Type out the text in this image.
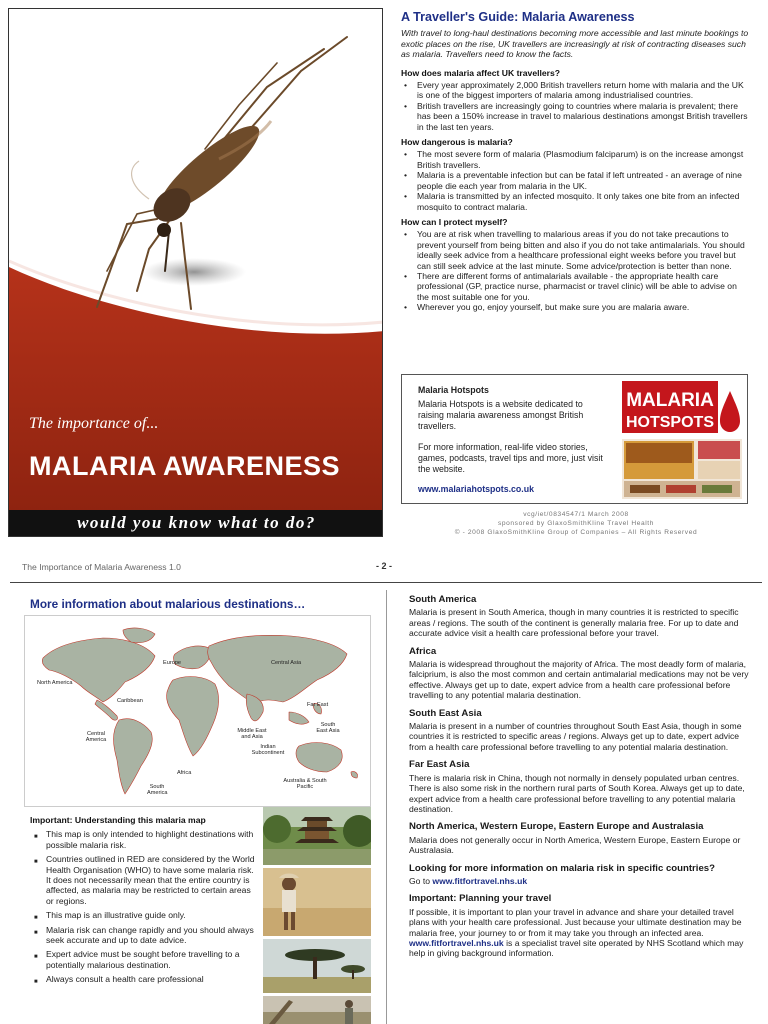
The importance of...
MALARIA AWARENESS
would you know what to do?
A Traveller's Guide: Malaria Awareness
With travel to long-haul destinations becoming more accessible and last minute bookings to exotic places on the rise, UK travellers are increasingly at risk of contracting diseases such as malaria. Travellers need to know the facts.
How does malaria affect UK travellers?
• Every year approximately 2,000 British travellers return home with malaria and the UK is one of the biggest importers of malaria among industrialised countries.
• British travellers are increasingly going to countries where malaria is prevalent; there has been a 150% increase in travel to malarious destinations amongst British travellers in the last ten years.
How dangerous is malaria?
• The most severe form of malaria (Plasmodium falciparum) is on the increase amongst British travellers.
• Malaria is a preventable infection but can be fatal if left untreated - an average of nine people die each year from malaria in the UK.
• Malaria is transmitted by an infected mosquito. It only takes one bite from an infected mosquito to contract malaria.
How can I protect myself?
• You are at risk when travelling to malarious areas if you do not take precautions to prevent yourself from being bitten and also if you do not take antimalarials. You should ideally seek advice from a healthcare professional eight weeks before you travel but can still seek advice at the last minute. Some advice/protection is better than none.
• There are different forms of antimalarials available - the appropriate health care professional (GP, practice nurse, pharmacist or travel clinic) will be able to advise on the most suitable one for you.
• Wherever you go, enjoy yourself, but make sure you are malaria aware.
Malaria Hotspots
Malaria Hotspots is a website dedicated to raising malaria awareness amongst British travellers.
For more information, real-life video stories, games, podcasts, travel tips and more, just visit the website.
www.malariahotspots.co.uk
MALARIA
HOTSPOTS
vcg/iet/0834547/1 March 2008
sponsored by GlaxoSmithKline Travel Health
© - 2008 GlaxoSmithKline Group of Companies – All Rights Reserved
The Importance of Malaria Awareness 1.0	- 2 -
More information about malarious destinations…
North America
Caribbean
Central America
South America
Europe
Africa
Middle East and Asia
Indian Subcontinent
Central Asia
Far East
South East Asia
Australia & South Pacific
Important: Understanding this malaria map
■ This map is only intended to highlight destinations with possible malaria risk.
■ Countries outlined in RED are considered by the World Health Organisation (WHO) to have some malaria risk. It does not necessarily mean that the entire country is affected, as malaria may be restricted to certain areas or regions.
■ This map is an illustrative guide only.
■ Malaria risk can change rapidly and you should always seek accurate and up to date advice.
■ Expert advice must be sought before travelling to a potentially malarious destination.
■ Always consult a health care professional
South America
Malaria is present in South America, though in many countries it is restricted to specific areas / regions. The south of the continent is generally malaria free. For up to date and accurate advice visit a health care professional before your travel.
Africa
Malaria is widespread throughout the majority of Africa. The most deadly form of malaria, falciprium, is also the most common and certain antimalarial medications may not be very effective. Always get up to date, expert advice from a health care professional before travelling to any potential malaria destination.
South East Asia
Malaria is present in a number of countries throughout South East Asia, though in some countries it is restricted to specific areas / regions. Always get up to date, expert advice from a health care professional before travelling to any potential malaria destination.
Far East Asia
There is malaria risk in China, though not normally in densely populated urban centres. There is also some risk in the northern rural parts of South Korea. Always get up to date, expert advice from a health care professional before travelling to any potential malaria destination.
North America, Western Europe, Eastern Europe and Australasia
Malaria does not generally occur in North America, Western Europe, Eastern Europe or Australasia.
Looking for more information on malaria risk in specific countries?
Go to www.fitfortravel.nhs.uk
Important: Planning your travel
If possible, it is important to plan your travel in advance and share your detailed travel plans with your health care professional. Just because your ultimate destination may be malaria free, your journey to or from it may take you through an infected area. www.fitfortravel.nhs.uk is a specialist travel site operated by NHS Scotland which may help in giving background information.
